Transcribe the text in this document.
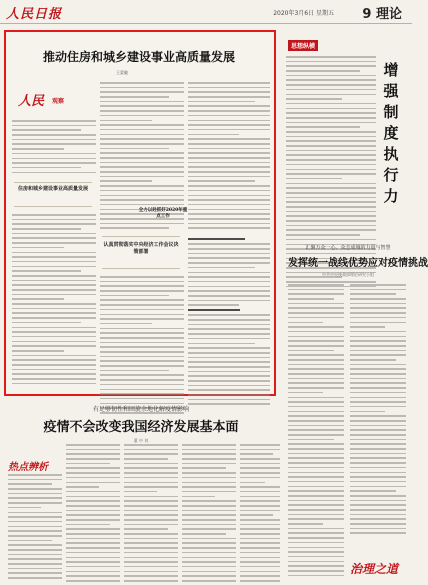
人民日报	2020年3月6日 星期五 9 理论
推动住房和城乡建设事业高质量发展
王蒙徽
人民 观察
住房和城乡建设事业高质量发展
认真贯彻落实中央经济工作会议决策部署
全力以赴抓好2020年重点工作
思想纵横
增强制度执行力
汇聚万众一心、众志成城的力量与智慧
发挥统一战线优势应对疫情挑战
中共中央统战部理论研究小组
有足够韧性和回旋余地化解疫情影响
疫情不会改变我国经济发展基本面
董 中 刘
热点辨析
治理之道
